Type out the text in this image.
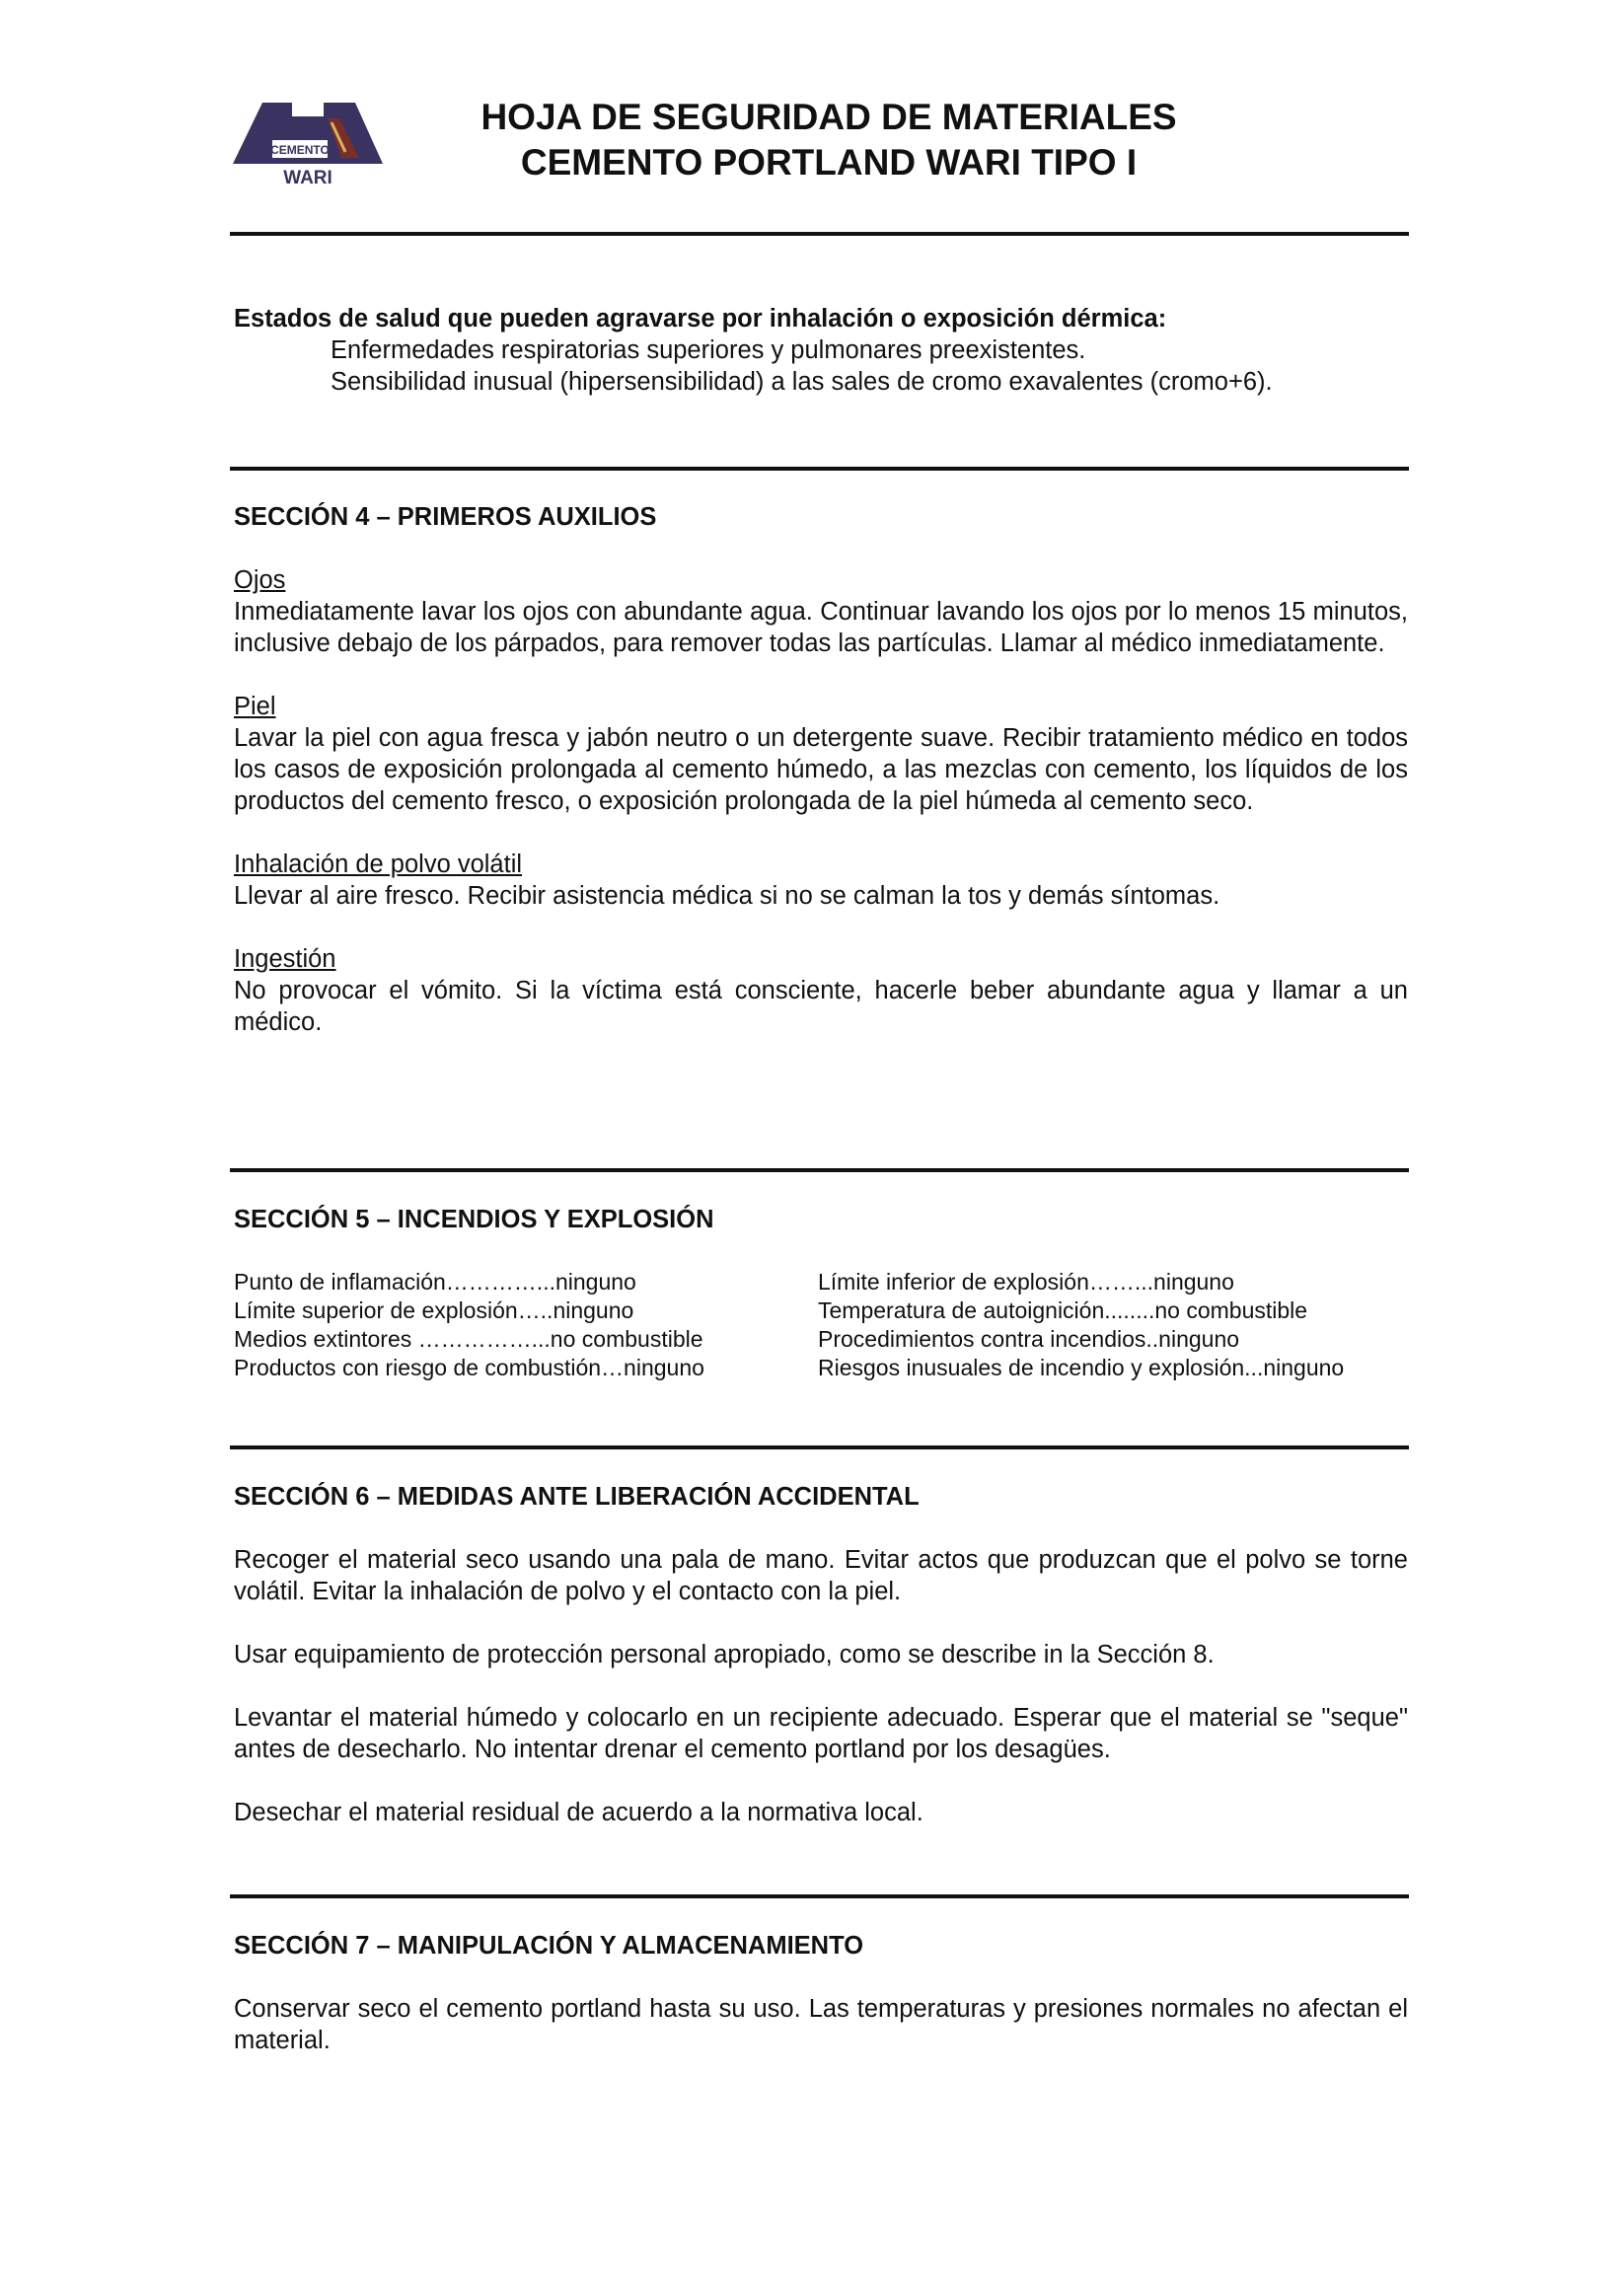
CEMENTO
WARI
HOJA DE SEGURIDAD DE MATERIALES
CEMENTO PORTLAND WARI TIPO I
Estados de salud que pueden agravarse por inhalación o exposición dérmica:
Enfermedades respiratorias superiores y pulmonares preexistentes.
Sensibilidad inusual (hipersensibilidad) a las sales de cromo exavalentes (cromo+6).
SECCIÓN 4 – PRIMEROS AUXILIOS
Ojos
Inmediatamente lavar los ojos con abundante agua. Continuar lavando los ojos por lo menos 15 minutos, inclusive debajo de los párpados, para remover todas las partículas. Llamar al médico inmediatamente.
Piel
Lavar la piel con agua fresca y jabón neutro o un detergente suave. Recibir tratamiento médico en todos los casos de exposición prolongada al cemento húmedo, a las mezclas con cemento, los líquidos de los productos del cemento fresco, o exposición prolongada de la piel húmeda al cemento seco.
Inhalación de polvo volátil
Llevar al aire fresco. Recibir asistencia médica si no se calman la tos y demás síntomas.
Ingestión
No provocar el vómito. Si la víctima está consciente, hacerle beber abundante agua y llamar a un médico.
SECCIÓN 5 – INCENDIOS Y EXPLOSIÓN
Punto de inflamación…………...ninguno
Límite superior de explosión…..ninguno
Medios extintores ……………...no combustible
Productos con riesgo de combustión…ninguno
Límite inferior de explosión……...ninguno
Temperatura de autoignición........no combustible
Procedimientos contra incendios..ninguno
Riesgos inusuales de incendio y explosión...ninguno
SECCIÓN 6 – MEDIDAS ANTE LIBERACIÓN ACCIDENTAL
Recoger el material seco usando una pala de mano. Evitar actos que produzcan que el polvo se torne volátil. Evitar la inhalación de polvo y el contacto con la piel.
Usar equipamiento de protección personal apropiado, como se describe in la Sección 8.
Levantar el material húmedo y colocarlo en un recipiente adecuado. Esperar que el material se "seque" antes de desecharlo. No intentar drenar el cemento portland por los desagües.
Desechar el material residual de acuerdo a la normativa local.
SECCIÓN 7 – MANIPULACIÓN Y ALMACENAMIENTO
Conservar seco el cemento portland hasta su uso. Las temperaturas y presiones normales no afectan el material.
